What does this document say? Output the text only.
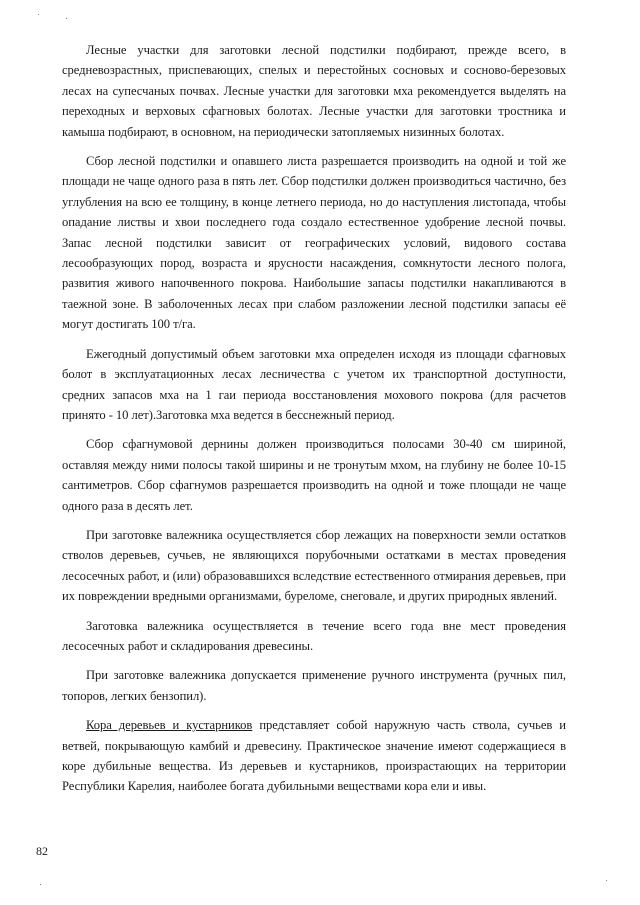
Лесные участки для заготовки лесной подстилки подбирают, прежде всего, в средневозрастных, приспевающих, спелых и перестойных сосновых и сосново-березовых лесах на супесчаных почвах. Лесные участки для заготовки мха рекомендуется выделять на переходных и верховых сфагновых болотах. Лесные участки для заготовки тростника и камыша подбирают, в основном, на периодически затопляемых низинных болотах.

Сбор лесной подстилки и опавшего листа разрешается производить на одной и той же площади не чаще одного раза в пять лет. Сбор подстилки должен производиться частично, без углубления на всю ее толщину, в конце летнего периода, но до наступления листопада, чтобы опадание листвы и хвои последнего года создало естественное удобрение лесной почвы. Запас лесной подстилки зависит от географических условий, видового состава лесообразующих пород, возраста и ярусности насаждения, сомкнутости лесного полога, развития живого напочвенного покрова. Наибольшие запасы подстилки накапливаются в таежной зоне. В заболоченных лесах при слабом разложении лесной подстилки запасы её могут достигать 100 т/га.

Ежегодный допустимый объем заготовки мха определен исходя из площади сфагновых болот в эксплуатационных лесах лесничества с учетом их транспортной доступности, средних запасов мха на 1 гаи периода восстановления мохового покрова (для расчетов принято - 10 лет).Заготовка мха ведется в бесснежный период.

Сбор сфагнумовой дернины должен производиться полосами 30-40 см шириной, оставляя между ними полосы такой ширины и не тронутым мхом, на глубину не более 10-15 сантиметров. Сбор сфагнумов разрешается производить на одной и тоже площади не чаще одного раза в десять лет.

При заготовке валежника осуществляется сбор лежащих на поверхности земли остатков стволов деревьев, сучьев, не являющихся порубочными остатками в местах проведения лесосечных работ, и (или) образовавшихся вследствие естественного отмирания деревьев, при их повреждении вредными организмами, буреломе, снеговале, и других природных явлений.

Заготовка валежника осуществляется в течение всего года вне мест проведения лесосечных работ и складирования древесины.

При заготовке валежника допускается применение ручного инструмента (ручных пил, топоров, легких бензопил).

Кора деревьев и кустарников представляет собой наружную часть ствола, сучьев и ветвей, покрывающую камбий и древесину. Практическое значение имеют содержащиеся в коре дубильные вещества. Из деревьев и кустарников, произрастающих на территории Республики Карелия, наиболее богата дубильными веществами кора ели и ивы.

82
